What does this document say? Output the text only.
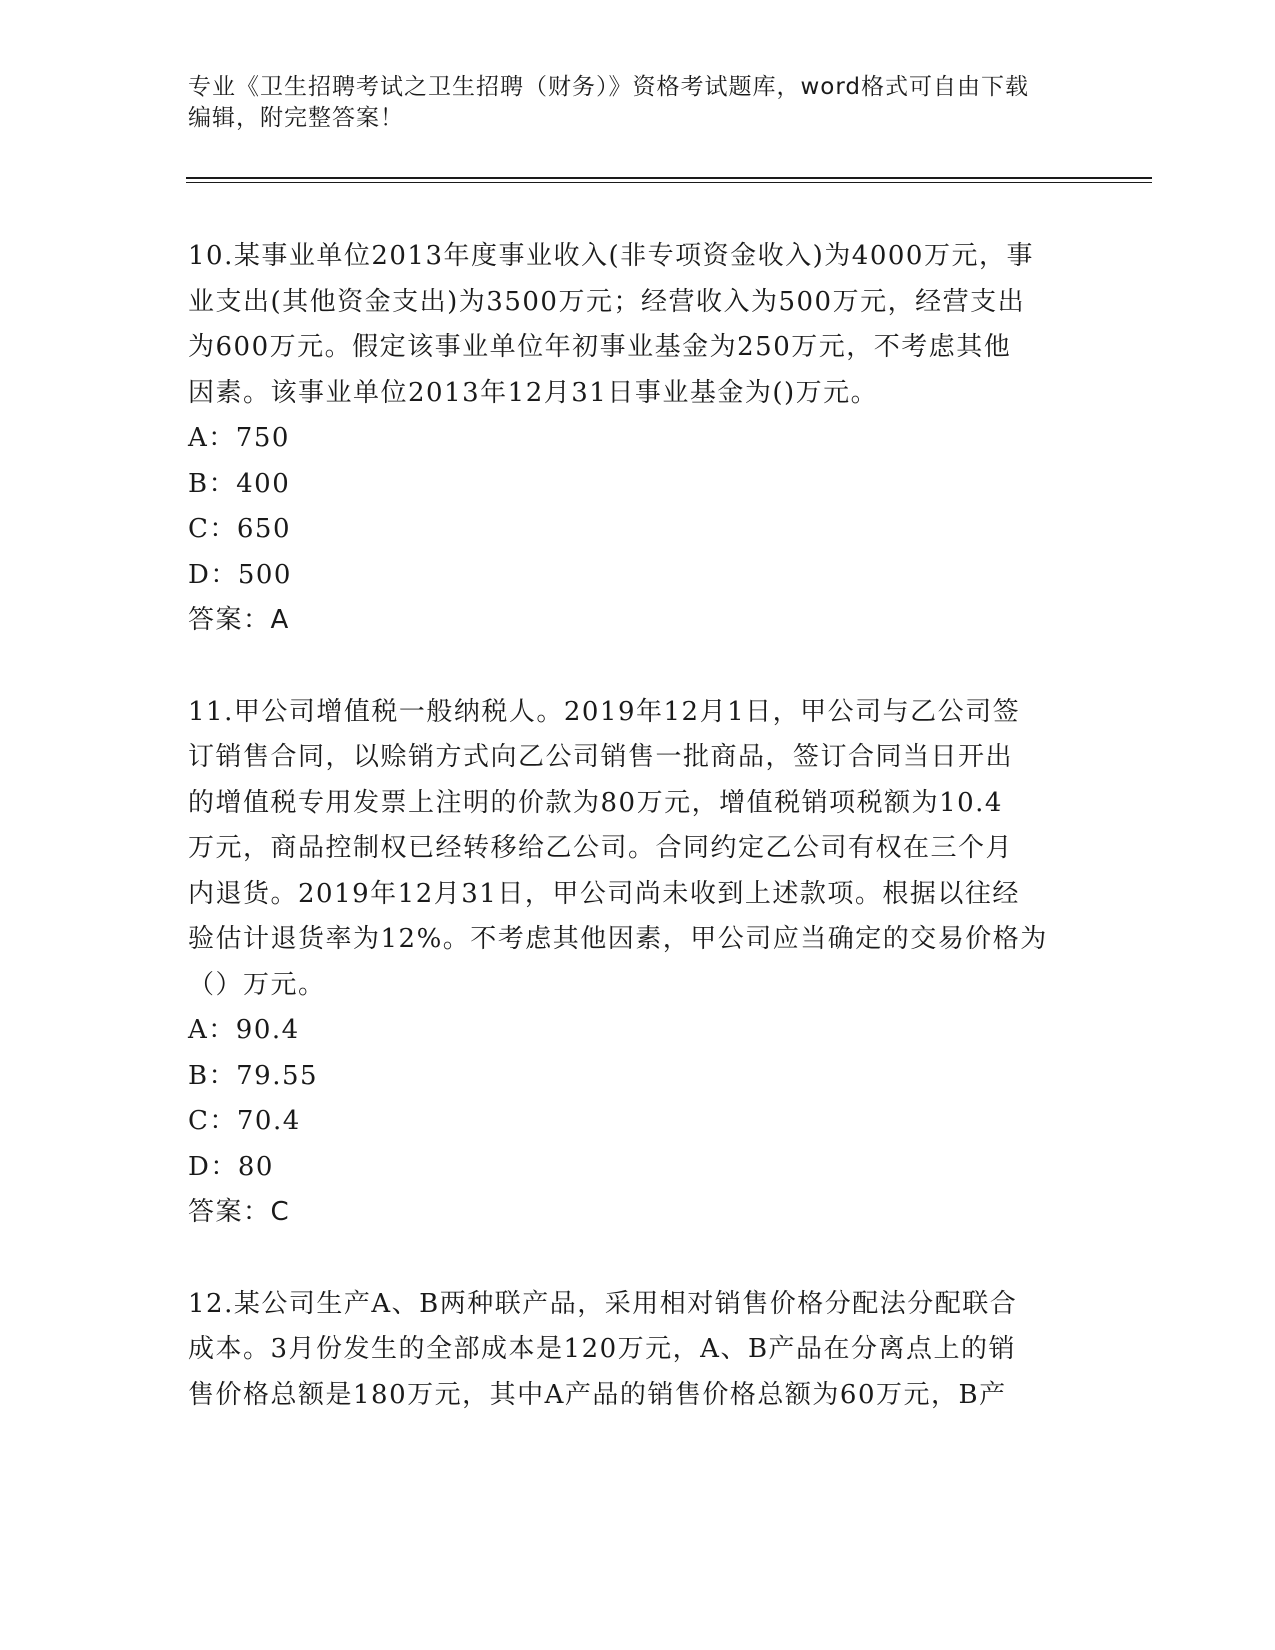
专业《卫生招聘考试之卫生招聘（财务）》资格考试题库，word格式可自由下载
编辑，附完整答案！
10.某事业单位2013年度事业收入(非专项资金收入)为4000万元，事
业支出(其他资金支出)为3500万元；经营收入为500万元，经营支出
为600万元。假定该事业单位年初事业基金为250万元，不考虑其他
因素。该事业单位2013年12月31日事业基金为()万元。
A：750
B：400
C：650
D：500
答案：A
11.甲公司增值税一般纳税人。2019年12月1日，甲公司与乙公司签
订销售合同，以赊销方式向乙公司销售一批商品，签订合同当日开出
的增值税专用发票上注明的价款为80万元，增值税销项税额为10.4
万元，商品控制权已经转移给乙公司。合同约定乙公司有权在三个月
内退货。2019年12月31日，甲公司尚未收到上述款项。根据以往经
验估计退货率为12%。不考虑其他因素，甲公司应当确定的交易价格为
（）万元。
A：90.4
B：79.55
C：70.4
D：80
答案：C
12.某公司生产A、B两种联产品，采用相对销售价格分配法分配联合
成本。3月份发生的全部成本是120万元，A、B产品在分离点上的销
售价格总额是180万元，其中A产品的销售价格总额为60万元，B产
